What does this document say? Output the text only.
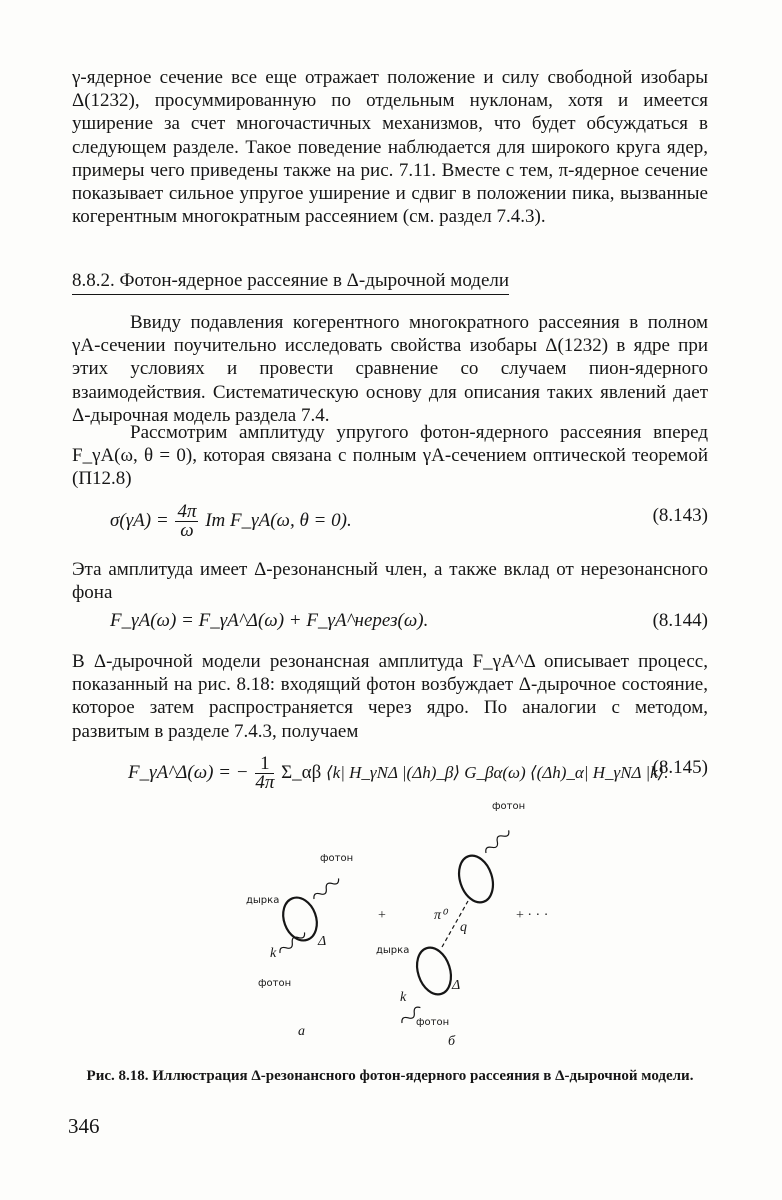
γ-ядерное сечение все еще отражает положение и силу свободной изобары Δ(1232), просуммированную по отдельным нуклонам, хотя и имеется уширение за счет многочастичных механизмов, что будет обсуждаться в следующем разделе. Такое поведение наблюдается для широкого круга ядер, примеры чего приведены также на рис. 7.11. Вместе с тем, π-ядерное сечение показывает сильное упругое уширение и сдвиг в положении пика, вызванные когерентным многократным рассеянием (см. раздел 7.4.3).

8.8.2. Фотон-ядерное рассеяние в Δ-дырочной модели

Ввиду подавления когерентного многократного рассеяния в полном γA-сечении поучительно исследовать свойства изобары Δ(1232) в ядре при этих условиях и провести сравнение со случаем пион-ядерного взаимодействия. Систематическую основу для описания таких явлений дает Δ-дырочная модель раздела 7.4.

Рассмотрим амплитуду упругого фотон-ядерного рассеяния вперед F_γA(ω, θ = 0), которая связана с полным γA-сечением оптической теоремой (П12.8)

$\sigma(\gamma A) = \frac{4\pi}{\omega}$ Im F_γA(ω, θ = 0).	(8.143)

Эта амплитуда имеет Δ-резонансный член, а также вклад от нерезонансного фона

F_γA(ω) = F_γA^Δ(ω) + F_γA^нерез(ω).	(8.144)

В Δ-дырочной модели резонансная амплитуда F_γA^Δ описывает процесс, показанный на рис. 8.18: входящий фотон возбуждает Δ-дырочное состояние, которое затем распространяется через ядро. По аналогии с методом, развитым в разделе 7.4.3, получаем

F_γA^Δ(ω) = − $\frac{1}{4\pi}$ Σ_αβ ⟨k| H_γNΔ |(Δh)_β⟩ G_βα(ω) ⟨(Δh)_α| H_γNΔ |k⟩.
(8.145)
фотон
дырка
Δ
k
фотон
а
+
фотон
π⁰
q
дырка
Δ
k
фотон
б
+ · · ·
Рис. 8.18. Иллюстрация Δ-резонансного фотон-ядерного рассеяния в Δ-дырочной модели.
346
